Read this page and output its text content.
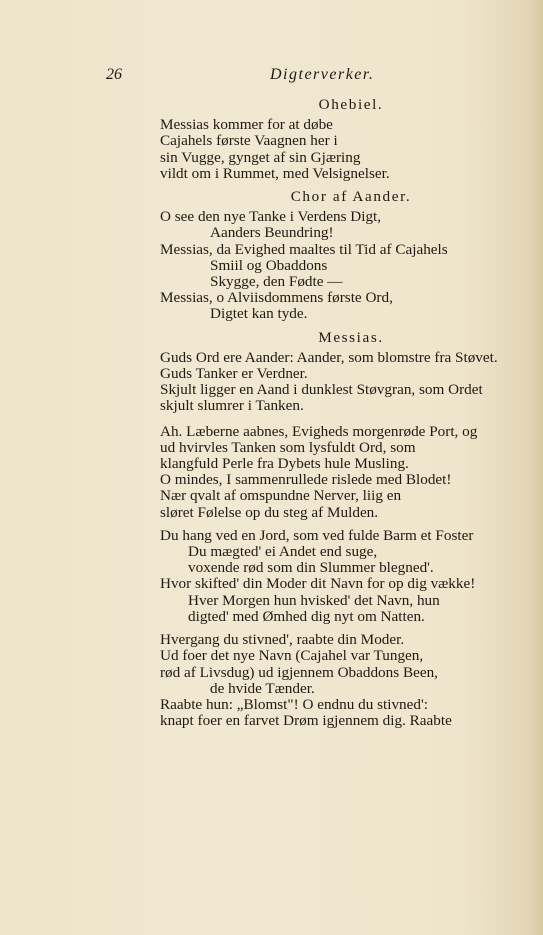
26	Digterverker.
Ohebiel.
Messias kommer for at døbe
Cajahels første Vaagnen her i
sin Vugge, gynget af sin Gjæring
vildt om i Rummet, med Velsignelser.
Chor af Aander.
O see den nye Tanke i Verdens Digt,
Aanders Beundring!
Messias, da Evighed maaltes til Tid af Cajahels
Smiil og Obaddons
Skygge, den Fødte —
Messias, o Alviisdommens første Ord,
Digtet kan tyde.
Messias.
Guds Ord ere Aander: Aander, som blomstre fra Støvet.
Guds Tanker er Verdner.
Skjult ligger en Aand i dunklest Støvgran, som Ordet
skjult slumrer i Tanken.
Ah. Læberne aabnes, Evigheds morgenrøde Port, og
ud hvirvles Tanken som lysfuldt Ord, som
klangfuld Perle fra Dybets hule Musling.
O mindes, I sammenrullede rislede med Blodet!
Nær qvalt af omspundne Nerver, liig en
sløret Følelse op du steg af Mulden.
Du hang ved en Jord, som ved fulde Barm et Foster
Du mægted' ei Andet end suge,
voxende rød som din Slummer blegned'.
Hvor skifted' din Moder dit Navn for op dig vække!
Hver Morgen hun hvisked' det Navn, hun
digted' med Ømhed dig nyt om Natten.
Hvergang du stivned', raabte din Moder.
Ud foer det nye Navn (Cajahel var Tungen,
rød af Livsdug) ud igjennem Obaddons Been,
de hvide Tænder.
Raabte hun: „Blomst"! O endnu du stivned':
knapt foer en farvet Drøm igjennem dig. Raabte
